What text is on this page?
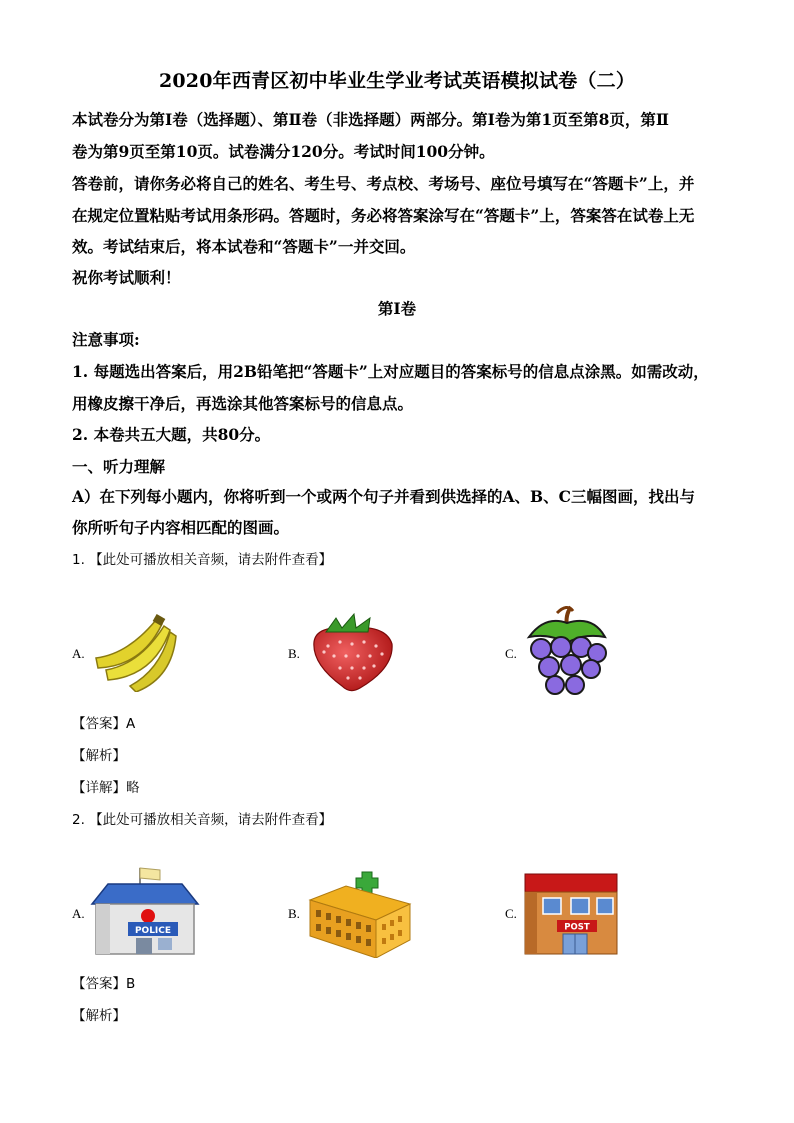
2020年西青区初中毕业生学业考试英语模拟试卷（二）
本试卷分为第Ⅰ卷（选择题）、第Ⅱ卷（非选择题）两部分。第Ⅰ卷为第1页至第8页，第Ⅱ
卷为第9页至第10页。试卷满分120分。考试时间100分钟。
答卷前，请你务必将自己的姓名、考生号、考点校、考场号、座位号填写在“答题卡”上，并
在规定位置粘贴考试用条形码。答题时，务必将答案涂写在“答题卡”上，答案答在试卷上无
效。考试结束后，将本试卷和“答题卡”一并交回。
祝你考试顺利！
第Ⅰ卷
注意事项:
1. 每题选出答案后，用2B铅笔把“答题卡”上对应题目的答案标号的信息点涂黑。如需改动，
用橡皮擦干净后，再选涂其他答案标号的信息点。
2. 本卷共五大题，共80分。
一、听力理解
A）在下列每小题内，你将听到一个或两个句子并看到供选择的A、B、C三幅图画，找出与
你所听句子内容相匹配的图画。
1. 【此处可播放相关音频，请去附件查看】
A.	B.	C.
【答案】A
【解析】
【详解】略
2. 【此处可播放相关音频，请去附件查看】
A.
POLICE
B.	C.
POST
【答案】B
【解析】
